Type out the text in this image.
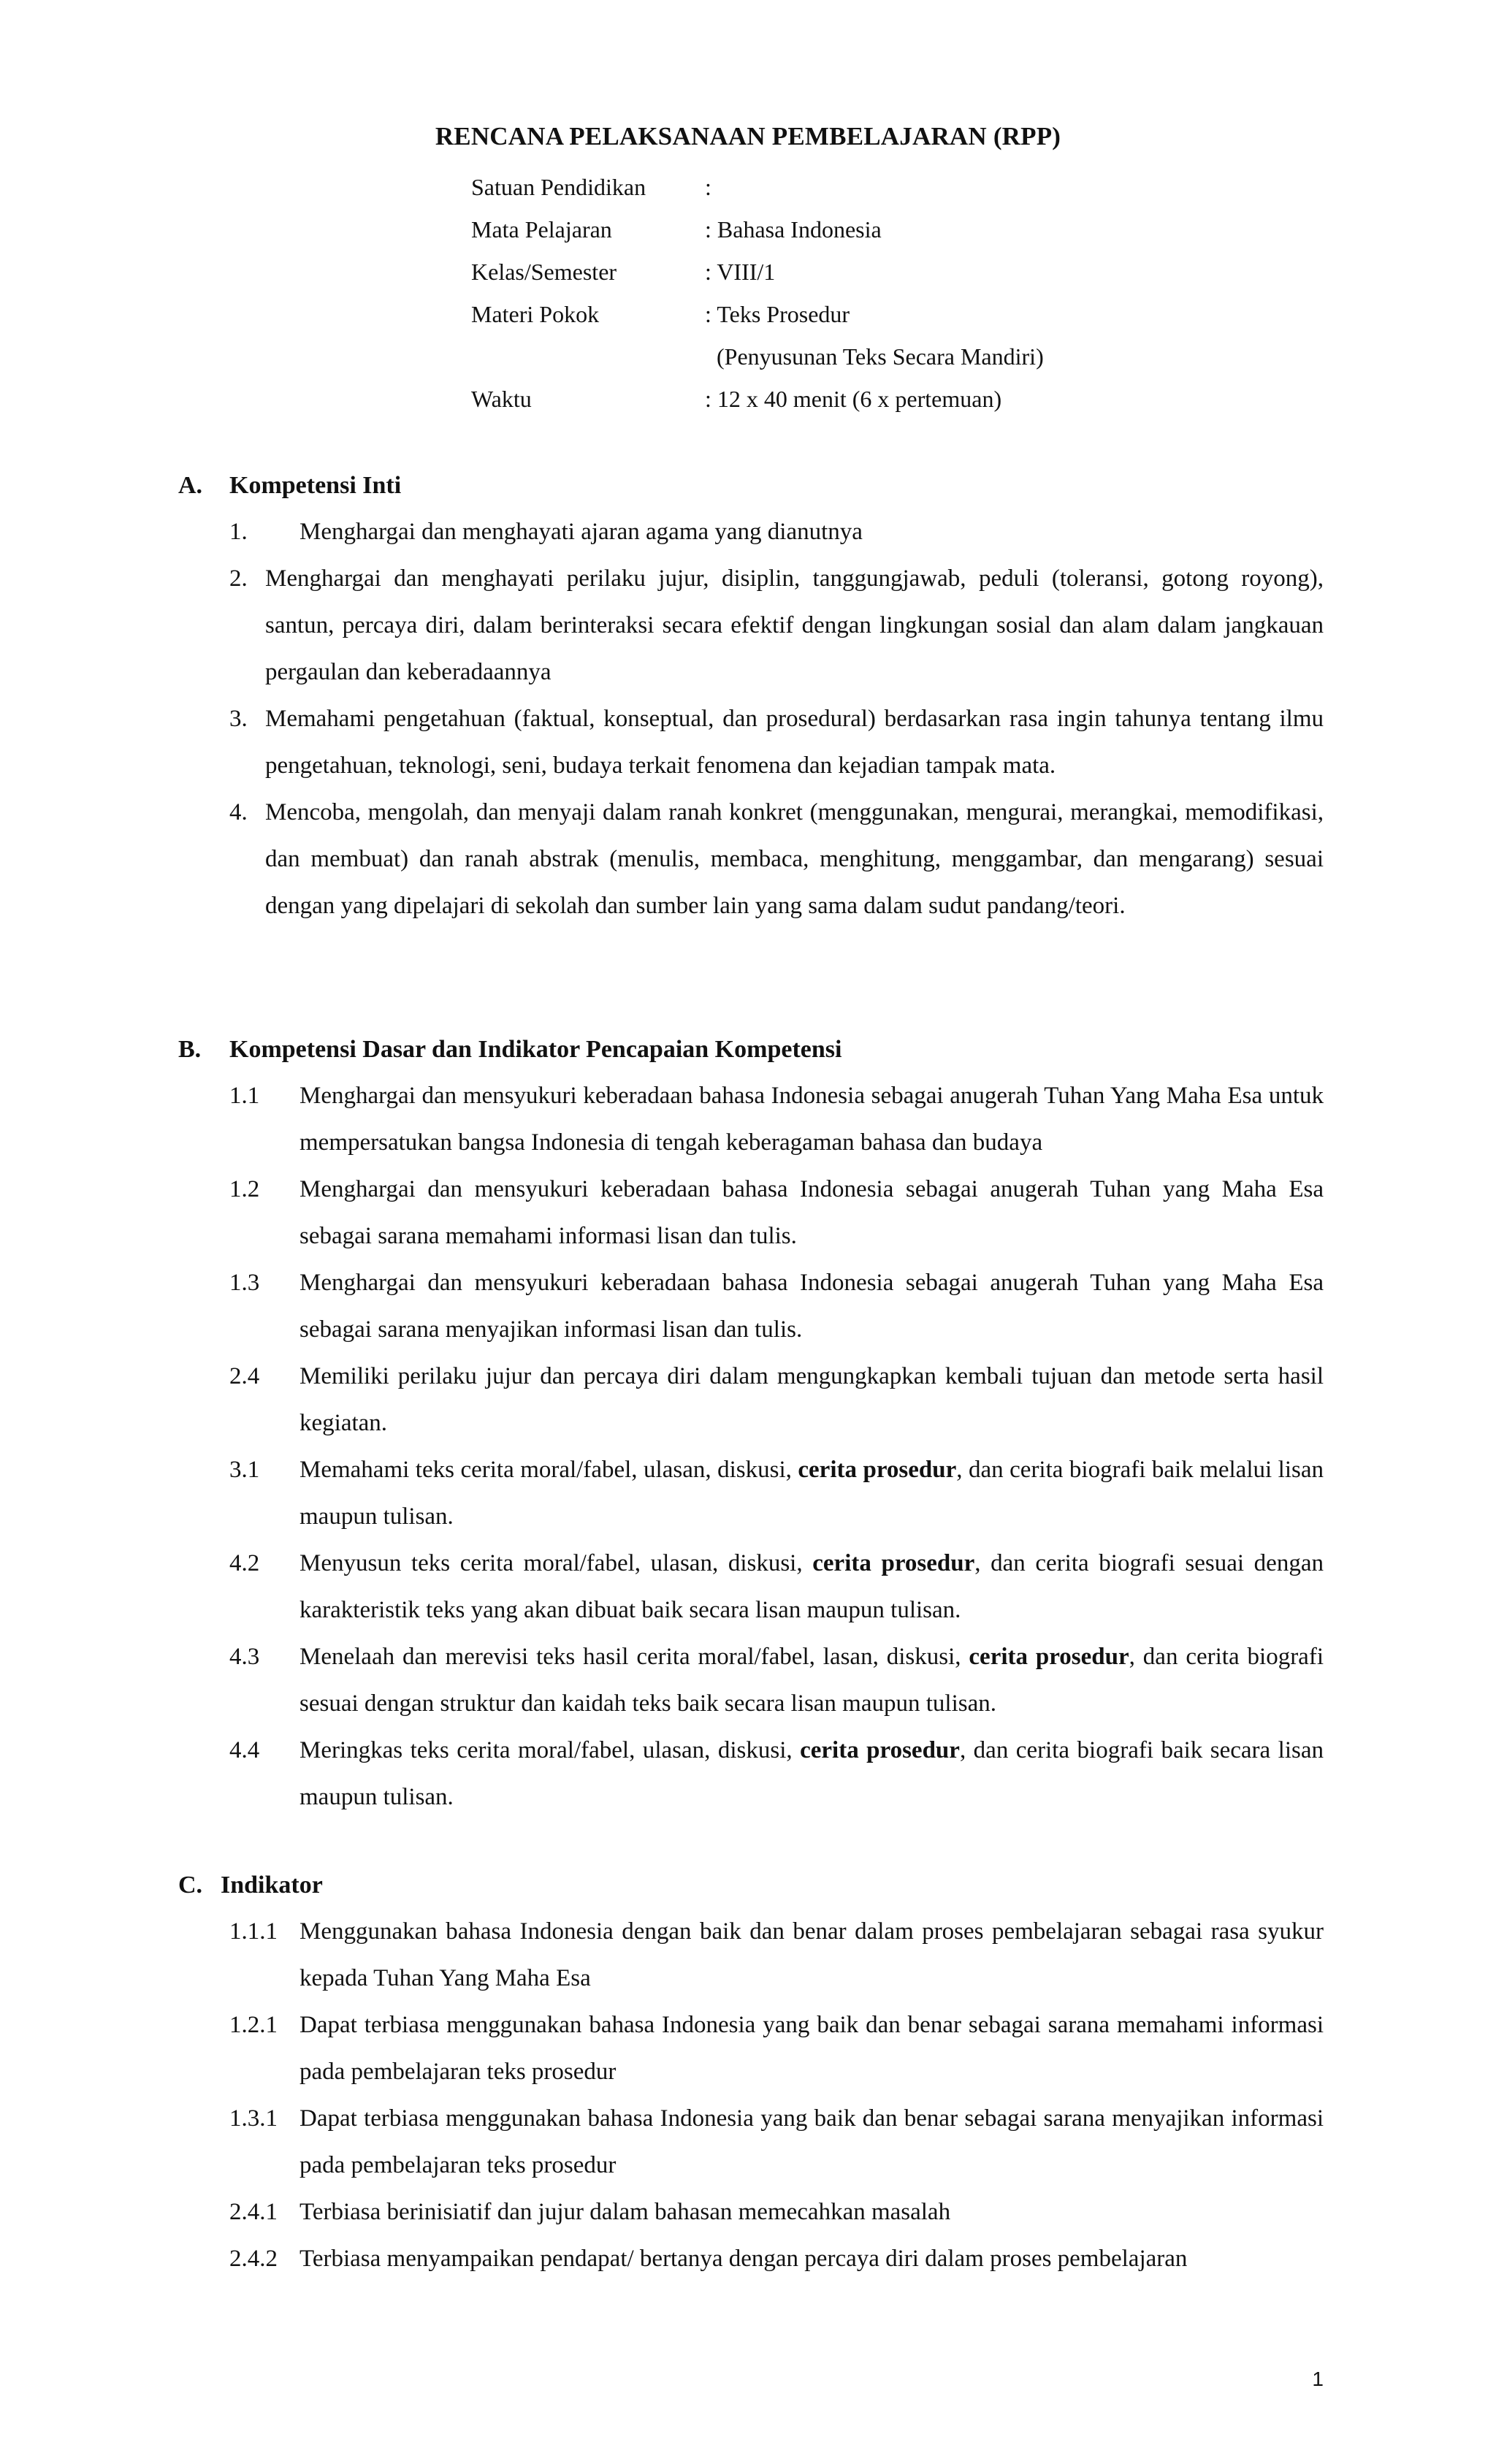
RENCANA PELAKSANAAN PEMBELAJARAN (RPP)
Satuan Pendidikan	:
Mata Pelajaran	: Bahasa Indonesia
Kelas/Semester	: VIII/1
Materi Pokok	: Teks Prosedur
(Penyusunan Teks Secara Mandiri)
Waktu	: 12 x 40 menit (6 x pertemuan)
A. Kompetensi Inti
1. Menghargai dan menghayati ajaran agama yang dianutnya
2. Menghargai dan menghayati perilaku jujur, disiplin, tanggungjawab, peduli (toleransi, gotong royong), santun, percaya diri, dalam berinteraksi secara efektif dengan lingkungan sosial dan alam dalam jangkauan pergaulan dan keberadaannya
3. Memahami pengetahuan (faktual, konseptual, dan prosedural) berdasarkan rasa ingin tahunya tentang ilmu pengetahuan, teknologi, seni, budaya terkait fenomena dan kejadian tampak mata.
4. Mencoba, mengolah, dan menyaji dalam ranah konkret (menggunakan, mengurai, merangkai, memodifikasi, dan membuat) dan ranah abstrak (menulis, membaca, menghitung, menggambar, dan mengarang) sesuai dengan yang dipelajari di sekolah dan sumber lain yang sama dalam sudut pandang/teori.
B. Kompetensi Dasar dan Indikator Pencapaian Kompetensi
1.1 Menghargai dan mensyukuri keberadaan bahasa Indonesia sebagai anugerah Tuhan Yang Maha Esa untuk mempersatukan bangsa Indonesia di tengah keberagaman bahasa dan budaya
1.2 Menghargai dan mensyukuri keberadaan bahasa Indonesia sebagai anugerah Tuhan yang Maha Esa sebagai sarana memahami informasi lisan dan tulis.
1.3 Menghargai dan mensyukuri keberadaan bahasa Indonesia sebagai anugerah Tuhan yang Maha Esa sebagai sarana menyajikan informasi lisan dan tulis.
2.4 Memiliki perilaku jujur dan percaya diri dalam mengungkapkan kembali tujuan dan metode serta hasil kegiatan.
3.1 Memahami teks cerita moral/fabel, ulasan, diskusi, cerita prosedur, dan cerita biografi baik melalui lisan maupun tulisan.
4.2 Menyusun teks cerita moral/fabel, ulasan, diskusi, cerita prosedur, dan cerita biografi sesuai dengan karakteristik teks yang akan dibuat baik secara lisan maupun tulisan.
4.3 Menelaah dan merevisi teks hasil cerita moral/fabel, lasan, diskusi, cerita prosedur, dan cerita biografi sesuai dengan struktur dan kaidah teks baik secara lisan maupun tulisan.
4.4 Meringkas teks cerita moral/fabel, ulasan, diskusi, cerita prosedur, dan cerita biografi baik secara lisan maupun tulisan.
C. Indikator
1.1.1 Menggunakan bahasa Indonesia dengan baik dan benar dalam proses pembelajaran sebagai rasa syukur kepada Tuhan Yang Maha Esa
1.2.1 Dapat terbiasa menggunakan bahasa Indonesia yang baik dan benar sebagai sarana memahami informasi pada pembelajaran teks prosedur
1.3.1 Dapat terbiasa menggunakan bahasa Indonesia yang baik dan benar sebagai sarana menyajikan informasi pada pembelajaran teks prosedur
2.4.1 Terbiasa berinisiatif dan jujur dalam bahasan memecahkan masalah
2.4.2 Terbiasa menyampaikan pendapat/ bertanya dengan percaya diri dalam proses pembelajaran
1
